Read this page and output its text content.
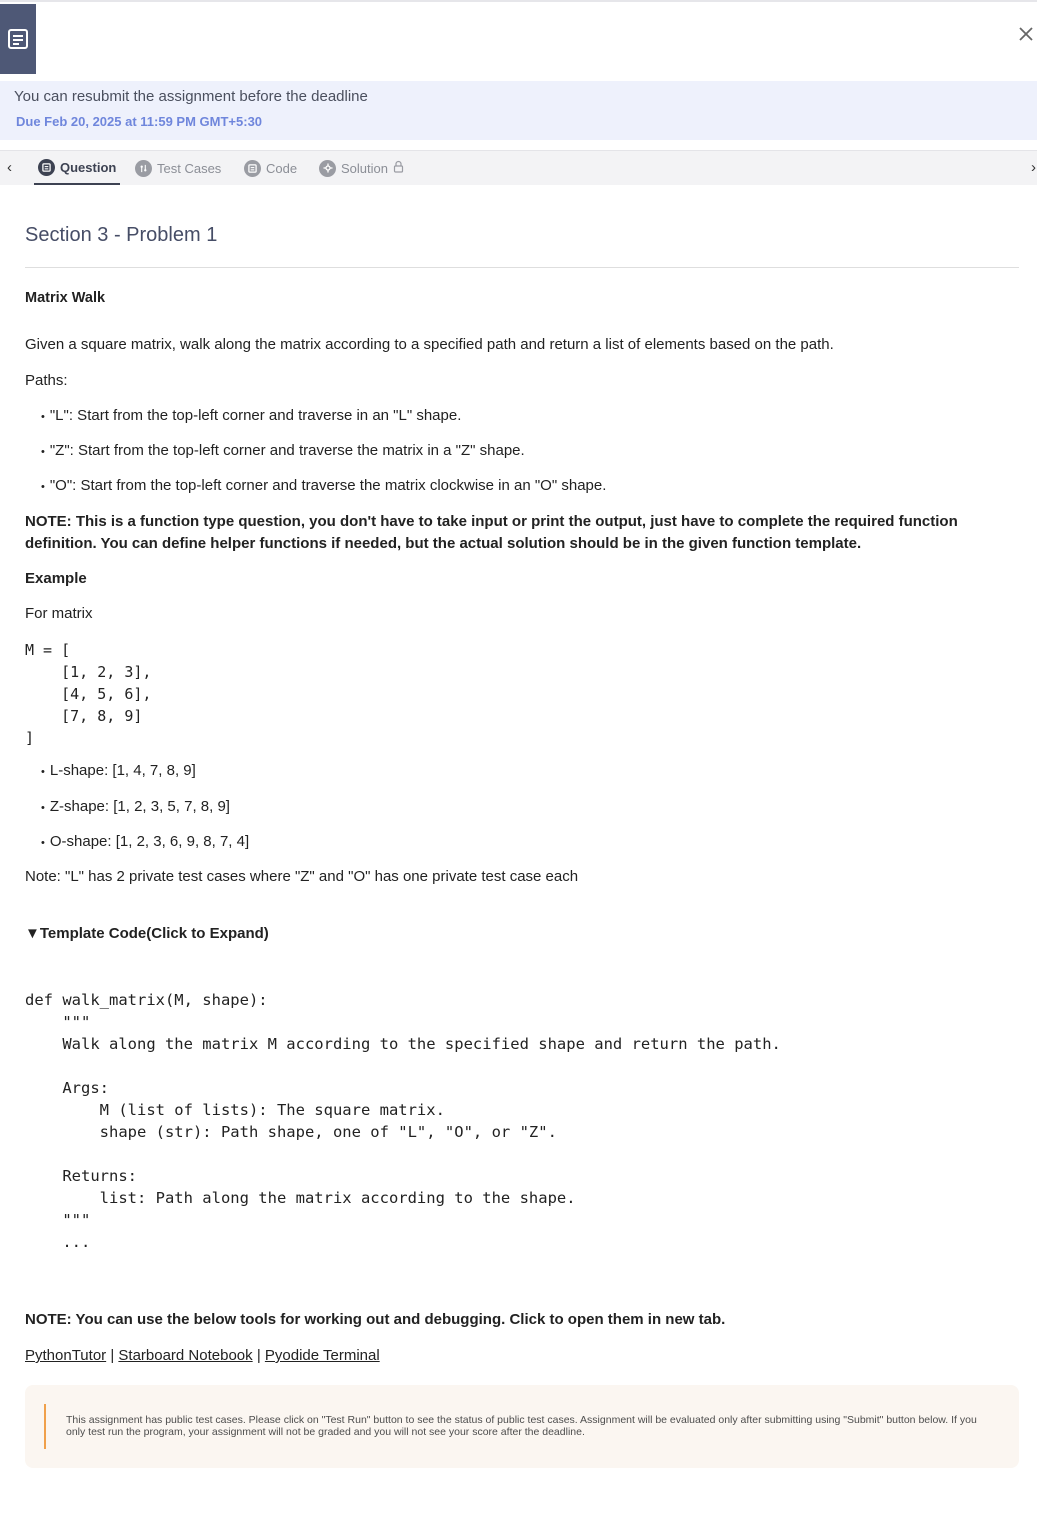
You can resubmit the assignment before the deadline
Due Feb 20, 2025 at 11:59 PM GMT+5:30
‹	Question	Test Cases	Code	Solution	›
Section 3 - Problem 1
Matrix Walk
Given a square matrix, walk along the matrix according to a specified path and return a list of elements based on the path.
Paths:
• "L": Start from the top-left corner and traverse in an "L" shape.
• "Z": Start from the top-left corner and traverse the matrix in a "Z" shape.
• "O": Start from the top-left corner and traverse the matrix clockwise in an "O" shape.
NOTE: This is a function type question, you don't have to take input or print the output, just have to complete the required function definition. You can define helper functions if needed, but the actual solution should be in the given function template.
Example
For matrix
M = [
[1, 2, 3],
[4, 5, 6],
[7, 8, 9]
]
• L-shape: [1, 4, 7, 8, 9]
• Z-shape: [1, 2, 3, 5, 7, 8, 9]
• O-shape: [1, 2, 3, 6, 9, 8, 7, 4]
Note: "L" has 2 private test cases where "Z" and "O" has one private test case each
▼Template Code(Click to Expand)
def walk_matrix(M, shape):
"""
Walk along the matrix M according to the specified shape and return the path.

Args:
M (list of lists): The square matrix.
shape (str): Path shape, one of "L", "O", or "Z".

Returns:
list: Path along the matrix according to the shape.
"""
...
NOTE: You can use the below tools for working out and debugging. Click to open them in new tab.
PythonTutor | Starboard Notebook | Pyodide Terminal
This assignment has public test cases. Please click on "Test Run" button to see the status of public test cases. Assignment will be evaluated only after submitting using "Submit" button below. If you only test run the program, your assignment will not be graded and you will not see your score after the deadline.
